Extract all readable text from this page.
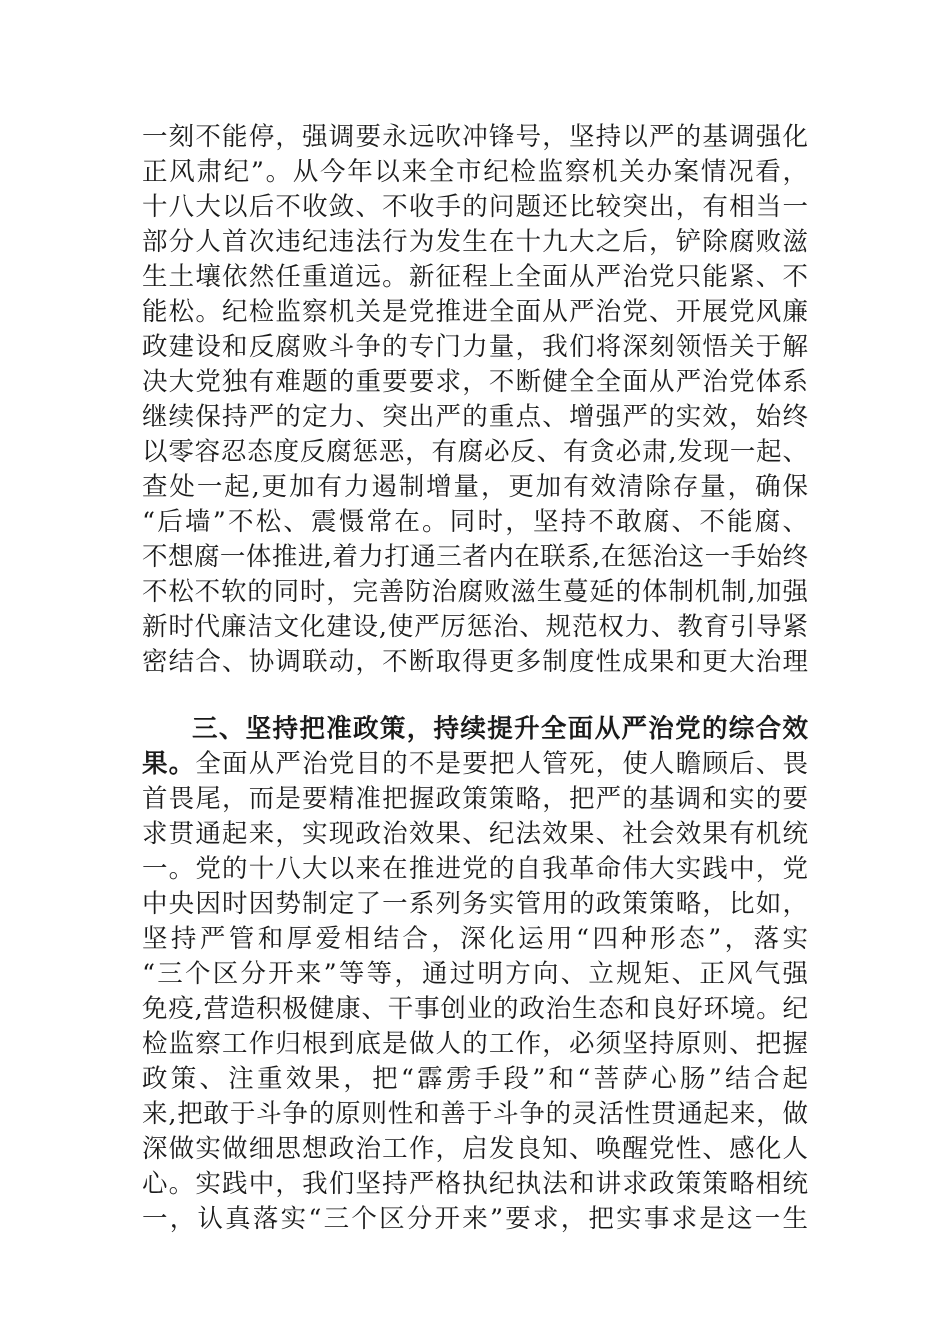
一刻不能停，强调要永远吹冲锋号，坚持以严的基调强化
正风肃纪”。从今年以来全市纪检监察机关办案情况看，
十八大以后不收敛、不收手的问题还比较突出，有相当一
部分人首次违纪违法行为发生在十九大之后，铲除腐败滋
生土壤依然任重道远。新征程上全面从严治党只能紧、不
能松。纪检监察机关是党推进全面从严治党、开展党风廉
政建设和反腐败斗争的专门力量，我们将深刻领悟关于解
决大党独有难题的重要要求，不断健全全面从严治党体系
继续保持严的定力、突出严的重点、增强严的实效，始终
以零容忍态度反腐惩恶，有腐必反、有贪必肃,发现一起、
查处一起,更加有力遏制增量，更加有效清除存量，确保
“后墙”不松、震慑常在。同时，坚持不敢腐、不能腐、
不想腐一体推进,着力打通三者内在联系,在惩治这一手始终
不松不软的同时，完善防治腐败滋生蔓延的体制机制,加强
新时代廉洁文化建设,使严厉惩治、规范权力、教育引导紧
密结合、协调联动，不断取得更多制度性成果和更大治理
三、坚持把准政策，持续提升全面从严治党的综合效
果。全面从严治党目的不是要把人管死，使人瞻顾后、畏
首畏尾，而是要精准把握政策策略，把严的基调和实的要
求贯通起来，实现政治效果、纪法效果、社会效果有机统
一。党的十八大以来在推进党的自我革命伟大实践中，党
中央因时因势制定了一系列务实管用的政策策略，比如，
坚持严管和厚爱相结合，深化运用“四种形态”，落实
“三个区分开来”等等，通过明方向、立规矩、正风气强
免疫,营造积极健康、干事创业的政治生态和良好环境。纪
检监察工作归根到底是做人的工作，必须坚持原则、把握
政策、注重效果，把“霹雳手段”和“菩萨心肠”结合起
来,把敢于斗争的原则性和善于斗争的灵活性贯通起来，做
深做实做细思想政治工作，启发良知、唤醒党性、感化人
心。实践中，我们坚持严格执纪执法和讲求政策策略相统
一，认真落实“三个区分开来”要求，把实事求是这一生
